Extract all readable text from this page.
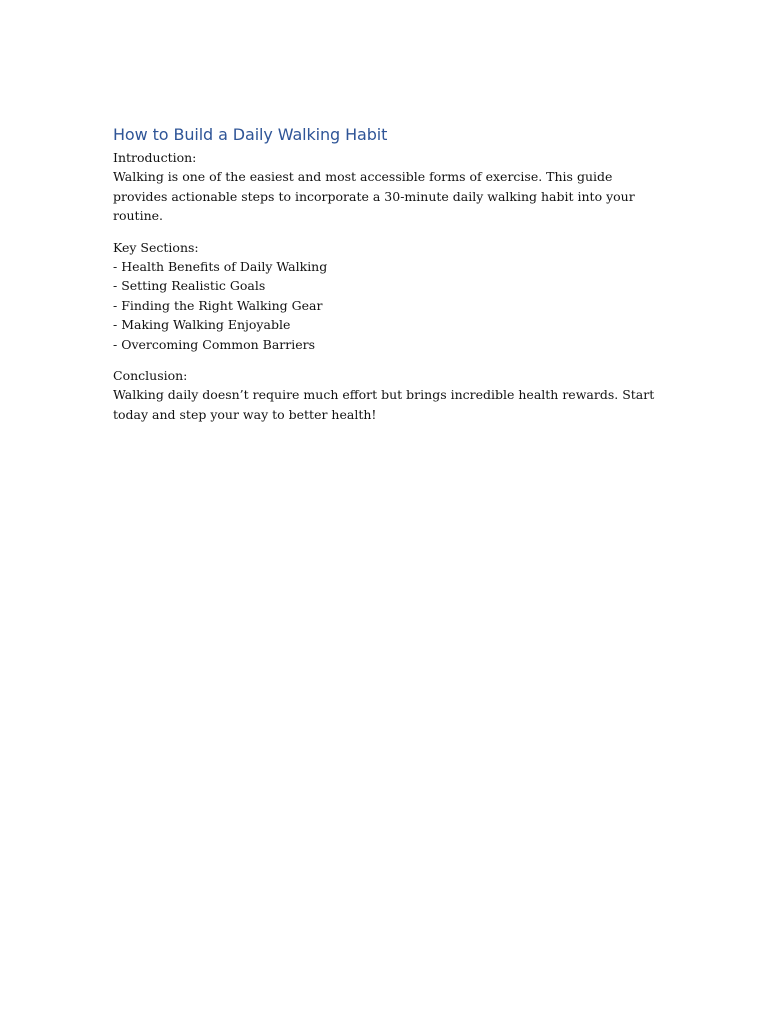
How to Build a Daily Walking Habit
Introduction:
Walking is one of the easiest and most accessible forms of exercise. This guide provides actionable steps to incorporate a 30-minute daily walking habit into your routine.
Key Sections:
- Health Benefits of Daily Walking
- Setting Realistic Goals
- Finding the Right Walking Gear
- Making Walking Enjoyable
- Overcoming Common Barriers
Conclusion:
Walking daily doesn’t require much effort but brings incredible health rewards. Start today and step your way to better health!
